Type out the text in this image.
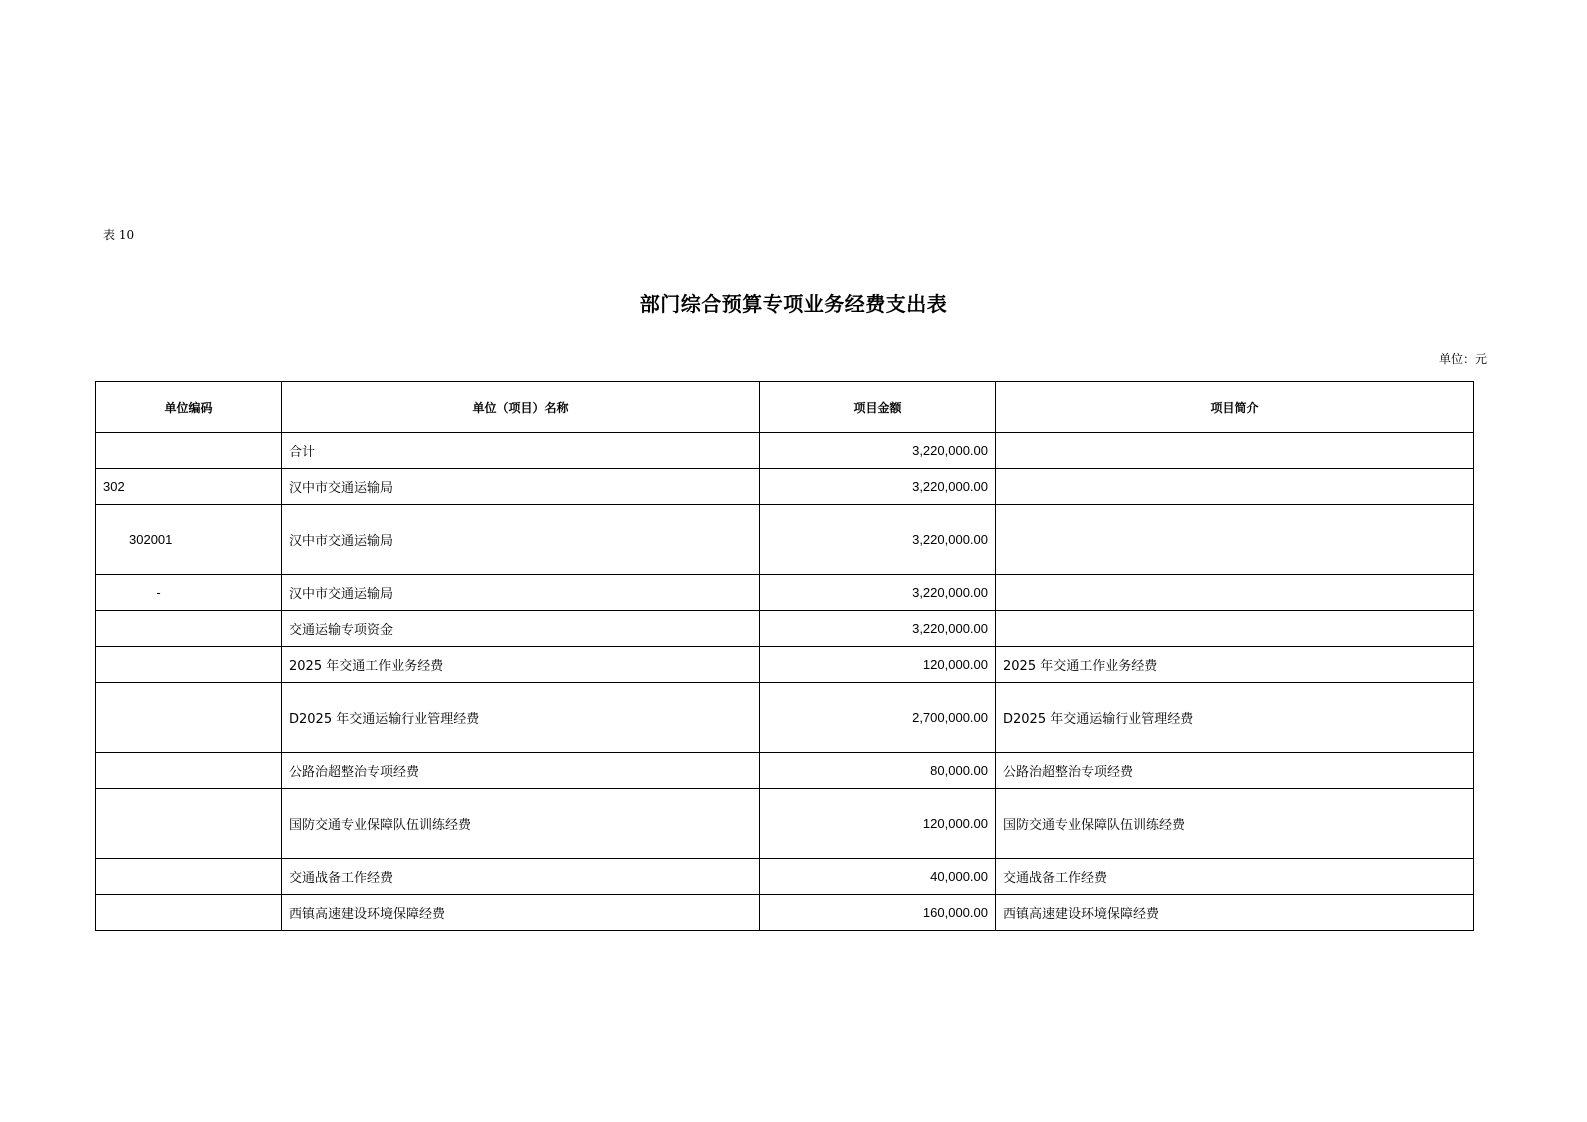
表 10
部门综合预算专项业务经费支出表
单位：元
单位编码	单位（项目）名称	项目金额	项目简介
	合计	3,220,000.00	
302	汉中市交通运输局	3,220,000.00	
302001	汉中市交通运输局	3,220,000.00	
-	汉中市交通运输局	3,220,000.00	
	交通运输专项资金	3,220,000.00	
	2025 年交通工作业务经费	120,000.00	2025 年交通工作业务经费
	D2025 年交通运输行业管理经费	2,700,000.00	D2025 年交通运输行业管理经费
	公路治超整治专项经费	80,000.00	公路治超整治专项经费
	国防交通专业保障队伍训练经费	120,000.00	国防交通专业保障队伍训练经费
	交通战备工作经费	40,000.00	交通战备工作经费
	西镇高速建设环境保障经费	160,000.00	西镇高速建设环境保障经费
